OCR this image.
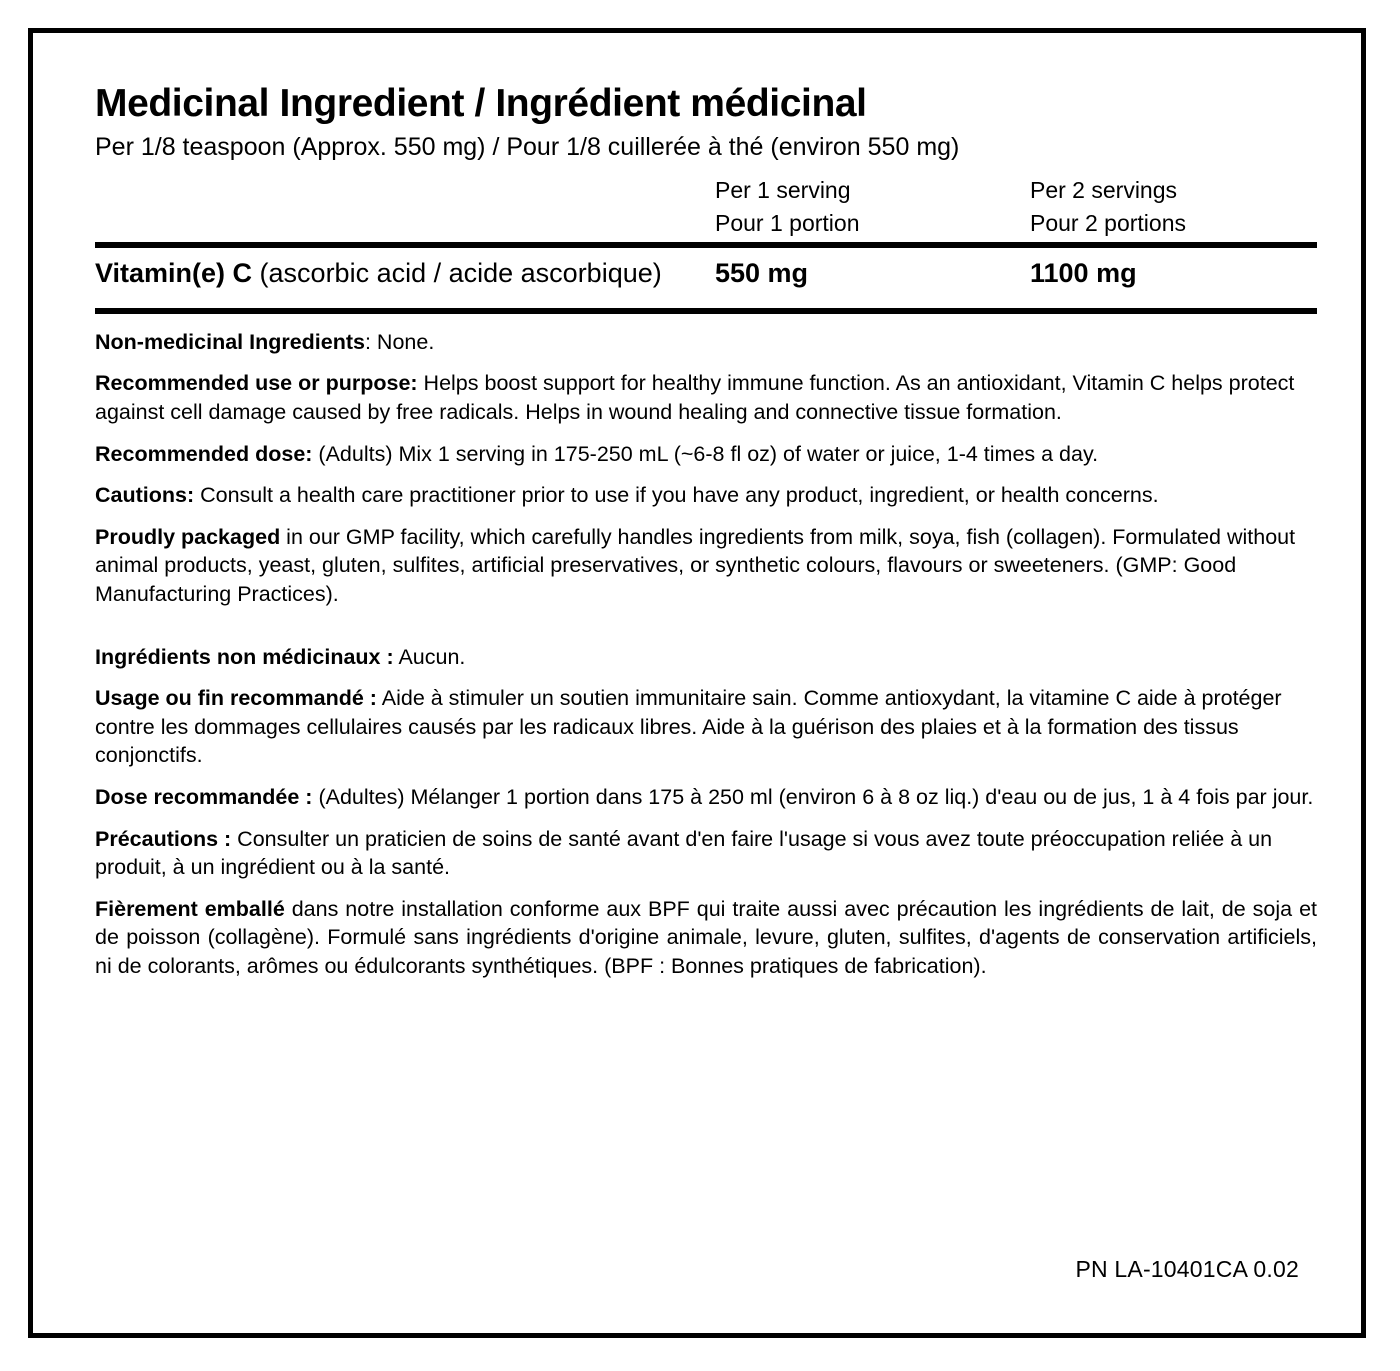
Medicinal Ingredient / Ingrédient médicinal

Per 1/8 teaspoon (Approx. 550 mg) / Pour 1/8 cuillerée à thé (environ 550 mg)

Per 1 serving
Pour 1 portion
Per 2 servings
Pour 2 portions
Vitamin(e) C (ascorbic acid / acide ascorbique) 550 mg	1100 mg

Non-medicinal Ingredients: None.

Recommended use or purpose: Helps boost support for healthy immune function. As an antioxidant, Vitamin C helps protect against cell damage caused by free radicals. Helps in wound healing and connective tissue formation.

Recommended dose: (Adults) Mix 1 serving in 175-250 mL (~6-8 fl oz) of water or juice, 1-4 times a day.

Cautions: Consult a health care practitioner prior to use if you have any product, ingredient, or health concerns.

Proudly packaged in our GMP facility, which carefully handles ingredients from milk, soya, fish (collagen). Formulated without animal products, yeast, gluten, sulfites, artificial preservatives, or synthetic colours, flavours or sweeteners. (GMP: Good Manufacturing Practices).

Ingrédients non médicinaux : Aucun.

Usage ou fin recommandé : Aide à stimuler un soutien immunitaire sain. Comme antioxydant, la vitamine C aide à protéger contre les dommages cellulaires causés par les radicaux libres. Aide à la guérison des plaies et à la formation des tissus conjonctifs.

Dose recommandée : (Adultes) Mélanger 1 portion dans 175 à 250 ml (environ 6 à 8 oz liq.) d'eau ou de jus, 1 à 4 fois par jour.

Précautions : Consulter un praticien de soins de santé avant d'en faire l'usage si vous avez toute préoccupation reliée à un produit, à un ingrédient ou à la santé.

Fièrement emballé dans notre installation conforme aux BPF qui traite aussi avec précaution les ingrédients de lait, de soja et de poisson (collagène). Formulé sans ingrédients d'origine animale, levure, gluten, sulfites, d'agents de conservation artificiels, ni de colorants, arômes ou édulcorants synthétiques. (BPF : Bonnes pratiques de fabrication).

PN LA-10401CA 0.02
